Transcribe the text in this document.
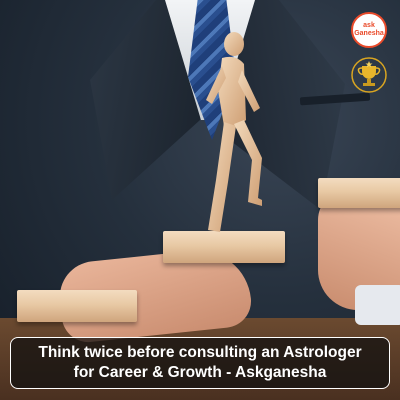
ask
Ganesha
Think twice before consulting an Astrologer
for Career & Growth - Askganesha
